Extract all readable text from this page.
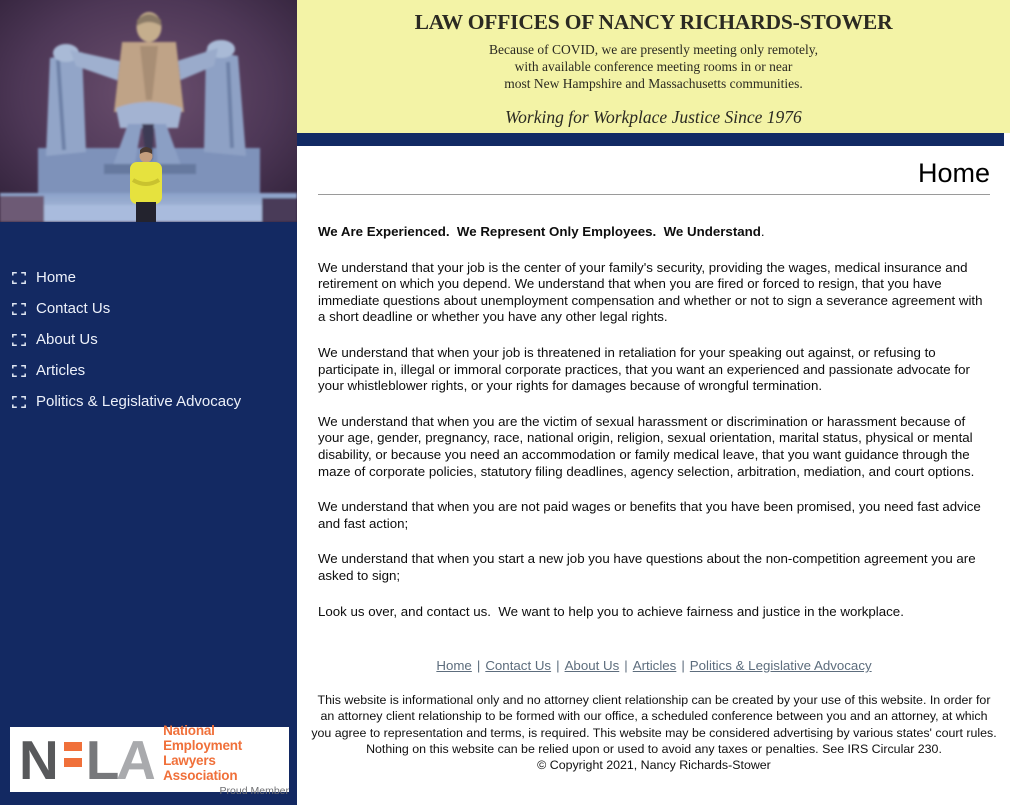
Home
Contact Us
About Us
Articles
Politics & Legislative Advocacy
N L
A National Employment
Lawyers Association
Proud Member
LAW OFFICES OF NANCY RICHARDS-STOWER
Because of COVID, we are presently meeting only remotely,
with available conference meeting rooms in or near
most New Hampshire and Massachusetts communities.
Working for Workplace Justice Since 1976
Home

We Are Experienced.  We Represent Only Employees.  We Understand.

We understand that your job is the center of your family's security, providing the wages, medical insurance and retirement on which you depend. We understand that when you are fired or forced to resign, that you have immediate questions about unemployment compensation and whether or not to sign a severance agreement with a short deadline or whether you have any other legal rights.

We understand that when your job is threatened in retaliation for your speaking out against, or refusing to participate in, illegal or immoral corporate practices, that you want an experienced and passionate advocate for your whistleblower rights, or your rights for damages because of wrongful termination.

We understand that when you are the victim of sexual harassment or discrimination or harassment because of your age, gender, pregnancy, race, national origin, religion, sexual orientation, marital status, physical or mental disability, or because you need an accommodation or family medical leave, that you want guidance through the maze of corporate policies, statutory filing deadlines, agency selection, arbitration, mediation, and court options.

We understand that when you are not paid wages or benefits that you have been promised, you need fast advice and fast action;

We understand that when you start a new job you have questions about the non-competition agreement you are asked to sign;

Look us over, and contact us.  We want to help you to achieve fairness and justice in the workplace.

Home | Contact Us | About Us | Articles | Politics & Legislative Advocacy
This website is informational only and no attorney client relationship can be created by your use of this website. In order for an attorney client relationship to be formed with our office, a scheduled conference between you and an attorney, at which you agree to representation and terms, is required. This website may be considered advertising by various states' court rules. Nothing on this website can be relied upon or used to avoid any taxes or penalties. See IRS Circular 230.
© Copyright 2021, Nancy Richards-Stower
